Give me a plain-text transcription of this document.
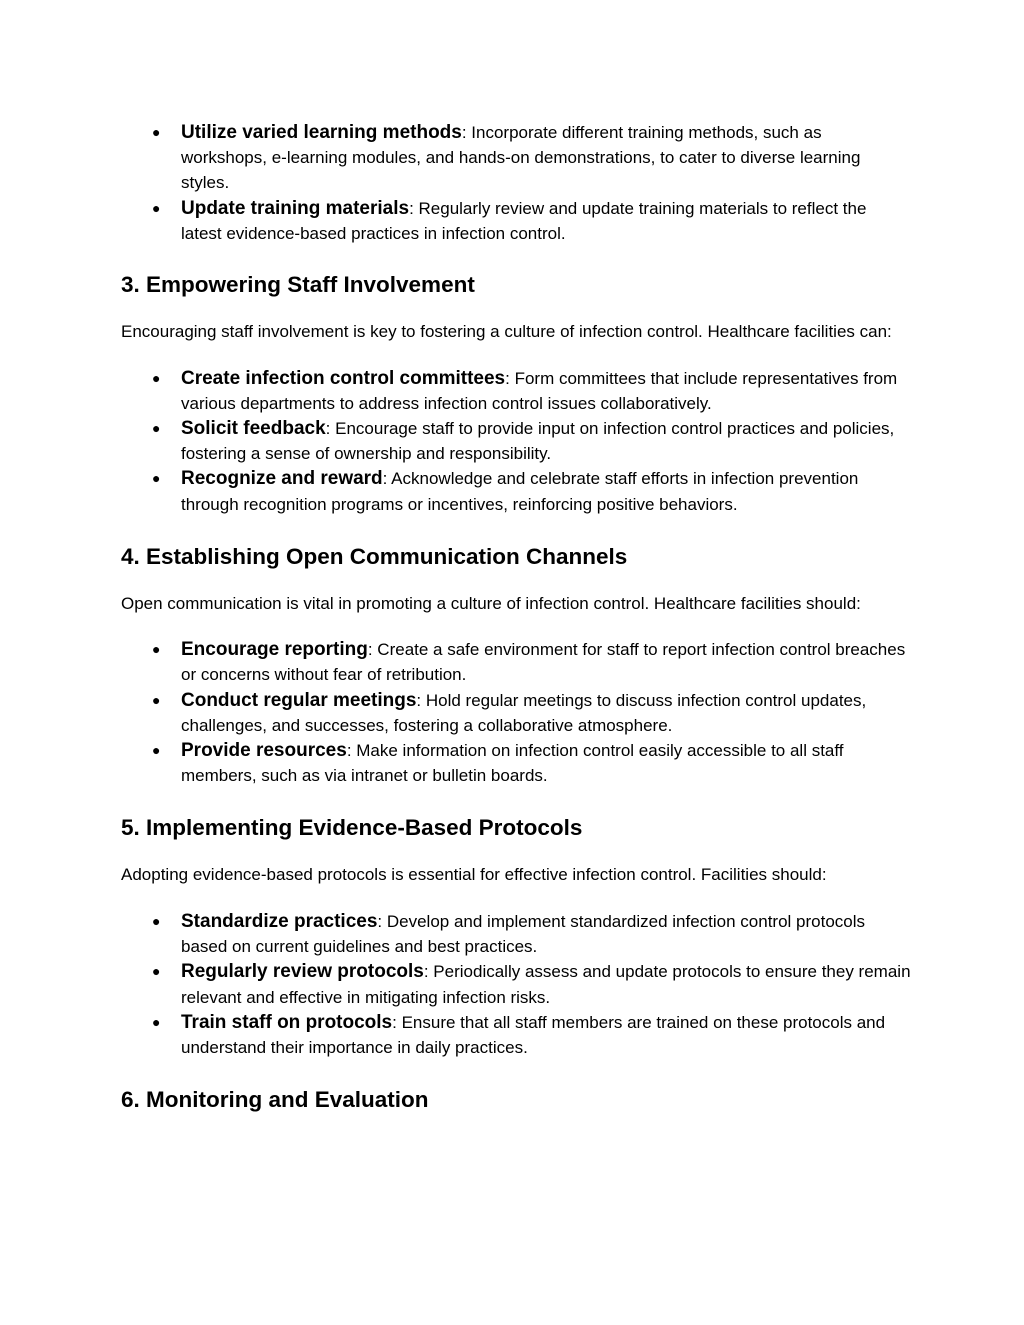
● Utilize varied learning methods: Incorporate different training methods, such as workshops, e-learning modules, and hands-on demonstrations, to cater to diverse learning styles.
● Update training materials: Regularly review and update training materials to reflect the latest evidence-based practices in infection control.
3. Empowering Staff Involvement

Encouraging staff involvement is key to fostering a culture of infection control. Healthcare facilities can:

● Create infection control committees: Form committees that include representatives from various departments to address infection control issues collaboratively.
● Solicit feedback: Encourage staff to provide input on infection control practices and policies, fostering a sense of ownership and responsibility.
● Recognize and reward: Acknowledge and celebrate staff efforts in infection prevention through recognition programs or incentives, reinforcing positive behaviors.
4. Establishing Open Communication Channels

Open communication is vital in promoting a culture of infection control. Healthcare facilities should:

● Encourage reporting: Create a safe environment for staff to report infection control breaches or concerns without fear of retribution.
● Conduct regular meetings: Hold regular meetings to discuss infection control updates, challenges, and successes, fostering a collaborative atmosphere.
● Provide resources: Make information on infection control easily accessible to all staff members, such as via intranet or bulletin boards.
5. Implementing Evidence-Based Protocols

Adopting evidence-based protocols is essential for effective infection control. Facilities should:

● Standardize practices: Develop and implement standardized infection control protocols based on current guidelines and best practices.
● Regularly review protocols: Periodically assess and update protocols to ensure they remain relevant and effective in mitigating infection risks.
● Train staff on protocols: Ensure that all staff members are trained on these protocols and understand their importance in daily practices.
6. Monitoring and Evaluation
